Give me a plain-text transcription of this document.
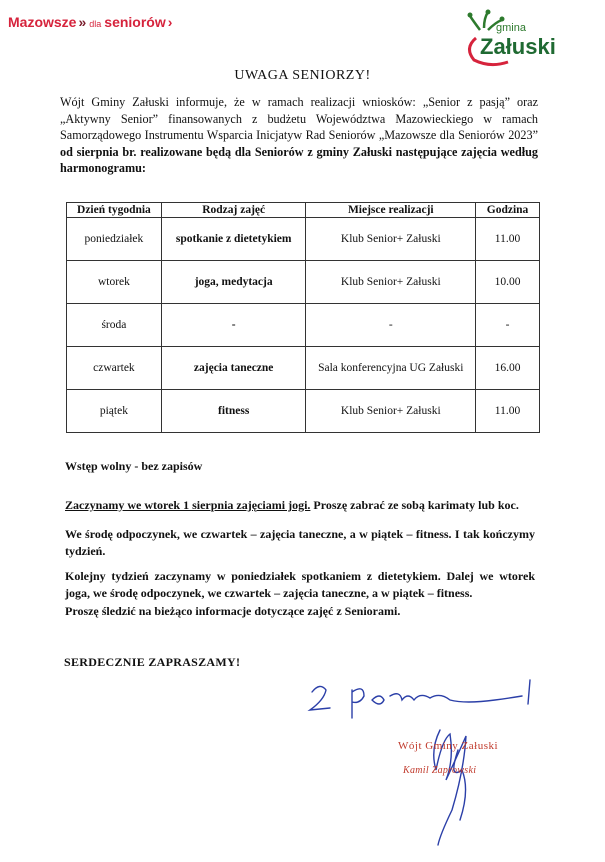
Mazowsze » dla seniorów ›	gmina
Załuski
UWAGA SENIORZY!
Wójt Gminy Załuski informuje, że w ramach realizacji wniosków: „Senior z pasją” oraz „Aktywny Senior” finansowanych z budżetu Województwa Mazowieckiego w ramach Samorządowego Instrumentu Wsparcia Inicjatyw Rad Seniorów „Mazowsze dla Seniorów 2023” od sierpnia br. realizowane będą dla Seniorów z gminy Załuski następujące zajęcia według harmonogramu:
Dzień tygodnia	Rodzaj zajęć	Miejsce realizacji	Godzina
poniedziałek	spotkanie z dietetykiem	Klub Senior+ Załuski	11.00
wtorek	joga, medytacja	Klub Senior+ Załuski	10.00
środa	-	-	-
czwartek	zajęcia taneczne	Sala konferencyjna UG Załuski	16.00
piątek	fitness	Klub Senior+ Załuski	11.00
Wstęp wolny - bez zapisów
Zaczynamy we wtorek 1 sierpnia zajęciami jogi. Proszę zabrać ze sobą karimaty lub koc.
We środę odpoczynek, we czwartek – zajęcia taneczne, a w piątek – fitness. I tak kończymy tydzień.
Kolejny tydzień zaczynamy w poniedziałek spotkaniem z dietetykiem. Dalej we wtorek joga, we środę odpoczynek, we czwartek – zajęcia taneczne, a w piątek – fitness.
Proszę śledzić na bieżąco informacje dotyczące zajęć z Seniorami.
SERDECZNIE ZAPRASZAMY!
Wójt Gminy Załuski
Kamil Zaprowski
